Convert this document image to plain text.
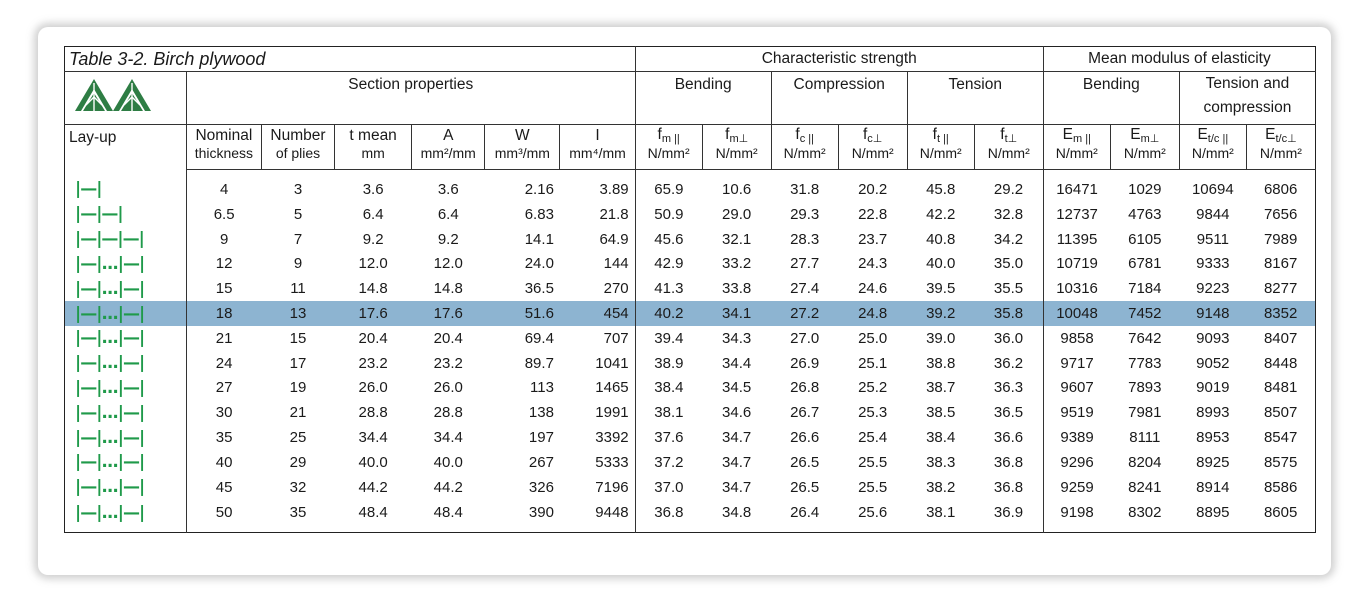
Table 3-2. Birch plywood							Characteristic strength						Mean modulus of elasticity			
	Section properties						Bending		Compression		Tension		Bending		Tension and compression	
Lay-up	Nominal	Number	t mean	A	W	I	$f_{m ||}$	$f_{m\perp}$	$f_{c ||}$	$f_{c\perp}$	$f_{t ||}$	$f_{t\perp}$	$E_{m ||}$	$E_{m\perp}$	$E_{t/c ||}$	$E_{t/c\perp}$
	thickness	of plies	mm	mm²/mm	mm³/mm	mm⁴/mm	N/mm²	N/mm²	N/mm²	N/mm²	N/mm²	N/mm²	N/mm²	N/mm²	N/mm²	N/mm²
|—|	4	3	3.6	3.6	2.16	3.89	65.9	10.6	31.8	20.2	45.8	29.2	16471	1029	10694	6806
|—|—|	6.5	5	6.4	6.4	6.83	21.8	50.9	29.0	29.3	22.8	42.2	32.8	12737	4763	9844	7656
|—|—|—|	9	7	9.2	9.2	14.1	64.9	45.6	32.1	28.3	23.7	40.8	34.2	11395	6105	9511	7989
|—|...|—|	12	9	12.0	12.0	24.0	144	42.9	33.2	27.7	24.3	40.0	35.0	10719	6781	9333	8167
|—|...|—|	15	11	14.8	14.8	36.5	270	41.3	33.8	27.4	24.6	39.5	35.5	10316	7184	9223	8277
|—|...|—|	18	13	17.6	17.6	51.6	454	40.2	34.1	27.2	24.8	39.2	35.8	10048	7452	9148	8352
|—|...|—|	21	15	20.4	20.4	69.4	707	39.4	34.3	27.0	25.0	39.0	36.0	9858	7642	9093	8407
|—|...|—|	24	17	23.2	23.2	89.7	1041	38.9	34.4	26.9	25.1	38.8	36.2	9717	7783	9052	8448
|—|...|—|	27	19	26.0	26.0	113	1465	38.4	34.5	26.8	25.2	38.7	36.3	9607	7893	9019	8481
|—|...|—|	30	21	28.8	28.8	138	1991	38.1	34.6	26.7	25.3	38.5	36.5	9519	7981	8993	8507
|—|...|—|	35	25	34.4	34.4	197	3392	37.6	34.7	26.6	25.4	38.4	36.6	9389	8111	8953	8547
|—|...|—|	40	29	40.0	40.0	267	5333	37.2	34.7	26.5	25.5	38.3	36.8	9296	8204	8925	8575
|—|...|—|	45	32	44.2	44.2	326	7196	37.0	34.7	26.5	25.5	38.2	36.8	9259	8241	8914	8586
|—|...|—|	50	35	48.4	48.4	390	9448	36.8	34.8	26.4	25.6	38.1	36.9	9198	8302	8895	8605
